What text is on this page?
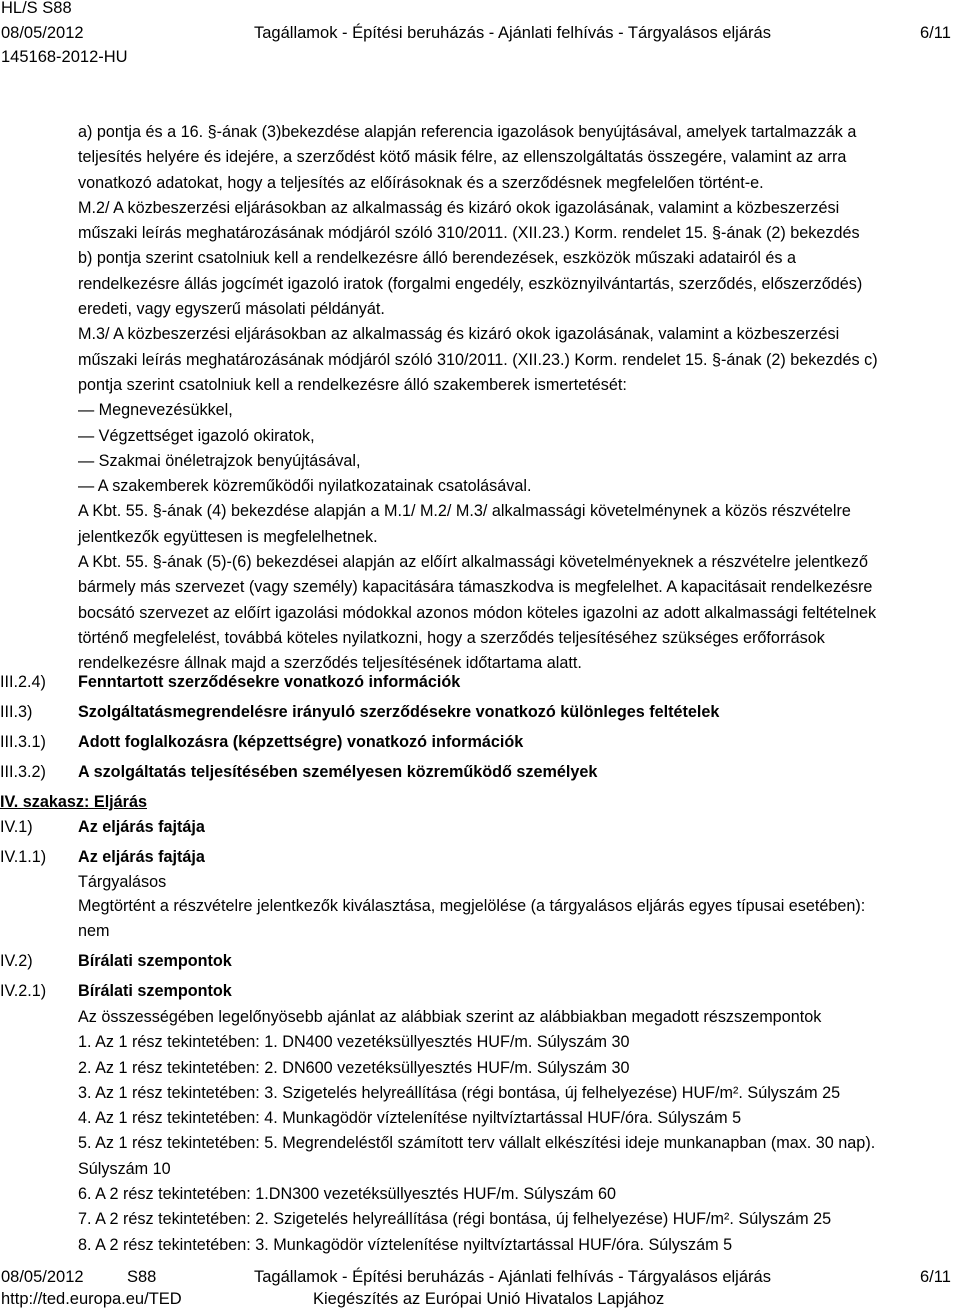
HL/S S88
08/05/2012
145168-2012-HU
Tagállamok - Építési beruházás - Ajánlati felhívás - Tárgyalásos eljárás	6/11
a) pontja és a 16. §-ának (3)bekezdése alapján referencia igazolások benyújtásával, amelyek tartalmazzák a
teljesítés helyére és idejére, a szerződést kötő másik félre, az ellenszolgáltatás összegére, valamint az arra
vonatkozó adatokat, hogy a teljesítés az előírásoknak és a szerződésnek megfelelően történt-e.
M.2/ A közbeszerzési eljárásokban az alkalmasság és kizáró okok igazolásának, valamint a közbeszerzési
műszaki leírás meghatározásának módjáról szóló 310/2011. (XII.23.) Korm. rendelet 15. §-ának (2) bekezdés
b) pontja szerint csatolniuk kell a rendelkezésre álló berendezések, eszközök műszaki adatairól és a
rendelkezésre állás jogcímét igazoló iratok (forgalmi engedély, eszköznyilvántartás, szerződés, előszerződés)
eredeti, vagy egyszerű másolati példányát.
M.3/ A közbeszerzési eljárásokban az alkalmasság és kizáró okok igazolásának, valamint a közbeszerzési
műszaki leírás meghatározásának módjáról szóló 310/2011. (XII.23.) Korm. rendelet 15. §-ának (2) bekezdés c)
pontja szerint csatolniuk kell a rendelkezésre álló szakemberek ismertetését:
— Megnevezésükkel,
— Végzettséget igazoló okiratok,
— Szakmai önéletrajzok benyújtásával,
— A szakemberek közreműködői nyilatkozatainak csatolásával.
A Kbt. 55. §-ának (4) bekezdése alapján a M.1/ M.2/ M.3/ alkalmassági követelménynek a közös részvételre
jelentkezők együttesen is megfelelhetnek.
A Kbt. 55. §-ának (5)-(6) bekezdései alapján az előírt alkalmassági követelményeknek a részvételre jelentkező
bármely más szervezet (vagy személy) kapacitására támaszkodva is megfelelhet. A kapacitásait rendelkezésre
bocsátó szervezet az előírt igazolási módokkal azonos módon köteles igazolni az adott alkalmassági feltételnek
történő megfelelést, továbbá köteles nyilatkozni, hogy a szerződés teljesítéséhez szükséges erőforrások
rendelkezésre állnak majd a szerződés teljesítésének időtartama alatt.
III.2.4) Fenntartott szerződésekre vonatkozó információk
III.3)	Szolgáltatásmegrendelésre irányuló szerződésekre vonatkozó különleges feltételek
III.3.1) Adott foglalkozásra (képzettségre) vonatkozó információk
III.3.2) A szolgáltatás teljesítésében személyesen közreműködő személyek
IV. szakasz: Eljárás
IV.1)	Az eljárás fajtája
IV.1.1) Az eljárás fajtája
Tárgyalásos
Megtörtént a részvételre jelentkezők kiválasztása, megjelölése (a tárgyalásos eljárás egyes típusai esetében):
nem
IV.2)	Bírálati szempontok
IV.2.1) Bírálati szempontok
Az összességében legelőnyösebb ajánlat az alábbiak szerint az alábbiakban megadott részszempontok
1. Az 1 rész tekintetében: 1. DN400 vezetéksüllyesztés HUF/m. Súlyszám 30
2. Az 1 rész tekintetében: 2. DN600 vezetéksüllyesztés HUF/m. Súlyszám 30
3. Az 1 rész tekintetében: 3. Szigetelés helyreállítása (régi bontása, új felhelyezése) HUF/m². Súlyszám 25
4. Az 1 rész tekintetében: 4. Munkagödör víztelenítése nyiltvíztartással HUF/óra. Súlyszám 5
5. Az 1 rész tekintetében: 5. Megrendeléstől számított terv vállalt elkészítési ideje munkanapban (max. 30 nap).
Súlyszám 10
6. A 2 rész tekintetében: 1.DN300 vezetéksüllyesztés HUF/m. Súlyszám 60
7. A 2 rész tekintetében: 2. Szigetelés helyreállítása (régi bontása, új felhelyezése) HUF/m². Súlyszám 25
8. A 2 rész tekintetében: 3. Munkagödör víztelenítése nyiltvíztartással HUF/óra. Súlyszám 5
08/05/2012	S88
http://ted.europa.eu/TED
Tagállamok - Építési beruházás - Ajánlati felhívás - Tárgyalásos eljárás
Kiegészítés az Európai Unió Hivatalos Lapjához
6/11
